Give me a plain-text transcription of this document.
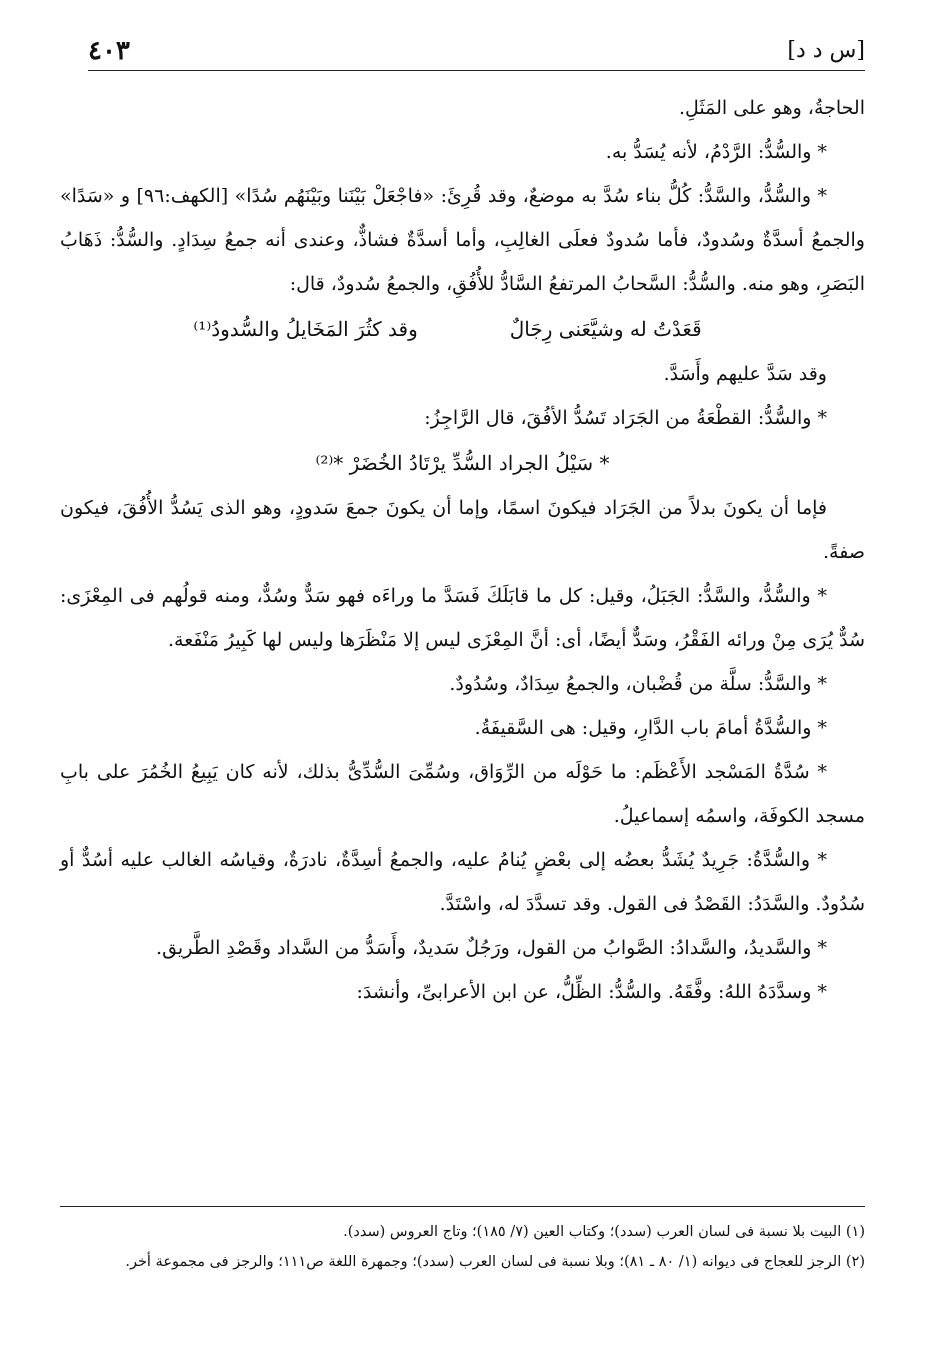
٤٠٣	[س د د]

الحاجةُ، وهو على المَثَلِ.

* والسُّدُّ: الرَّدْمُ، لأنه يُسَدُّ به.

* والسُّدُّ، والسَّدُّ: كُلُّ بناء سُدَّ به موضعٌ، وقد قُرِئَ: «فاجْعَلْ بَيْنَنا وبَيْنَهُم سُدًا» [الكهف:٩٦] و «سَدًا» والجمعُ أسدَّةٌ وسُدودٌ، فأما سُدودٌ فعلَى الغالِبِ، وأما أسدَّةٌ فشاذٌّ، وعندى أنه جمعُ سِدَادٍ. والسُّدُّ: ذَهَابُ البَصَرِ، وهو منه. والسُّدُّ: السَّحابُ المرتفعُ السَّادُّ للأُفُقِ، والجمعُ سُدودٌ، قال:

قَعَدْتُ له وشيَّعَنى رِجَالٌ
وقد كثُرَ المَخَايلُ والسُّدودُ⁽¹⁾

وقد سَدَّ عليهم وأَسَدَّ.

* والسُّدُّ: القطْعَةُ من الجَرَاد تَسُدُّ الأفُقَ، قال الرَّاجِزُ:

* سَيْلُ الجراد السُّدِّ يرْتَادُ الخُضَرْ *⁽²⁾

فإما أن يكونَ بدلاً من الجَرَاد فيكونَ اسمًا، وإما أن يكونَ جمعَ سَدودٍ، وهو الذى يَسُدُّ الأُفُقَ، فيكون صفةً.

* والسُّدُّ، والسَّدُّ: الجَبَلُ، وقيل: كل ما قابَلَكَ فَسَدَّ ما وراءَه فهو سَدٌّ وسُدٌّ، ومنه قولُهم فى المِعْزَى: سُدٌّ يُرَى مِنْ ورائه الفَقْرُ، وسَدٌّ أيضًا، أى: أنَّ المِعْزَى ليس إلا مَنْظَرَها وليس لها كَبِيرُ مَنْفَعة.

* والسَّدُّ: سلَّة من قُضْبان، والجمعُ سِدَادٌ، وسُدُودٌ.

* والسُّدَّةُ أمامَ باب الدَّارِ، وقيل: هى السَّقيفَةُ.

* سُدَّةُ المَسْجد الأَعْظَم: ما حَوْلَه من الرِّوَاق، وسُمِّىَ السُّدِّىُّ بذلك، لأنه كان يَبِيعُ الخُمُرَ على بابِ مسجد الكوفَة، واسمُه إسماعيلُ.

* والسُّدَّةُ: جَرِيدٌ يُشَدُّ بعضُه إلى بعْضٍ يُنامُ عليه، والجمعُ أسِدَّةٌ، نادرَةٌ، وقياسُه الغالب عليه أسُدٌّ أو سُدُودٌ. والسَّدَدُ: القَصْدُ فى القول. وقد تسدَّدَ له، واسْتَدَّ.

* والسَّديدُ، والسَّدادُ: الصَّوابُ من القول، ورَجُلٌ سَديدٌ، وأَسَدُّ من السَّداد وقَصْدِ الطَّريق.

* وسدَّدَهُ اللهُ: وفَّقَهُ. والسُّدُّ: الظِّلُّ، عن ابن الأعرابىِّ، وأنشدَ:

(١) البيت بلا نسبة فى لسان العرب (سدد)؛ وكتاب العين (٧/ ١٨٥)؛ وتاج العروس (سدد).

(٢) الرجز للعجاج فى ديوانه (١/ ٨٠ ـ ٨١)؛ وبلا نسبة فى لسان العرب (سدد)؛ وجمهرة اللغة ص١١١؛ والرجز فى مجموعة أخر.
